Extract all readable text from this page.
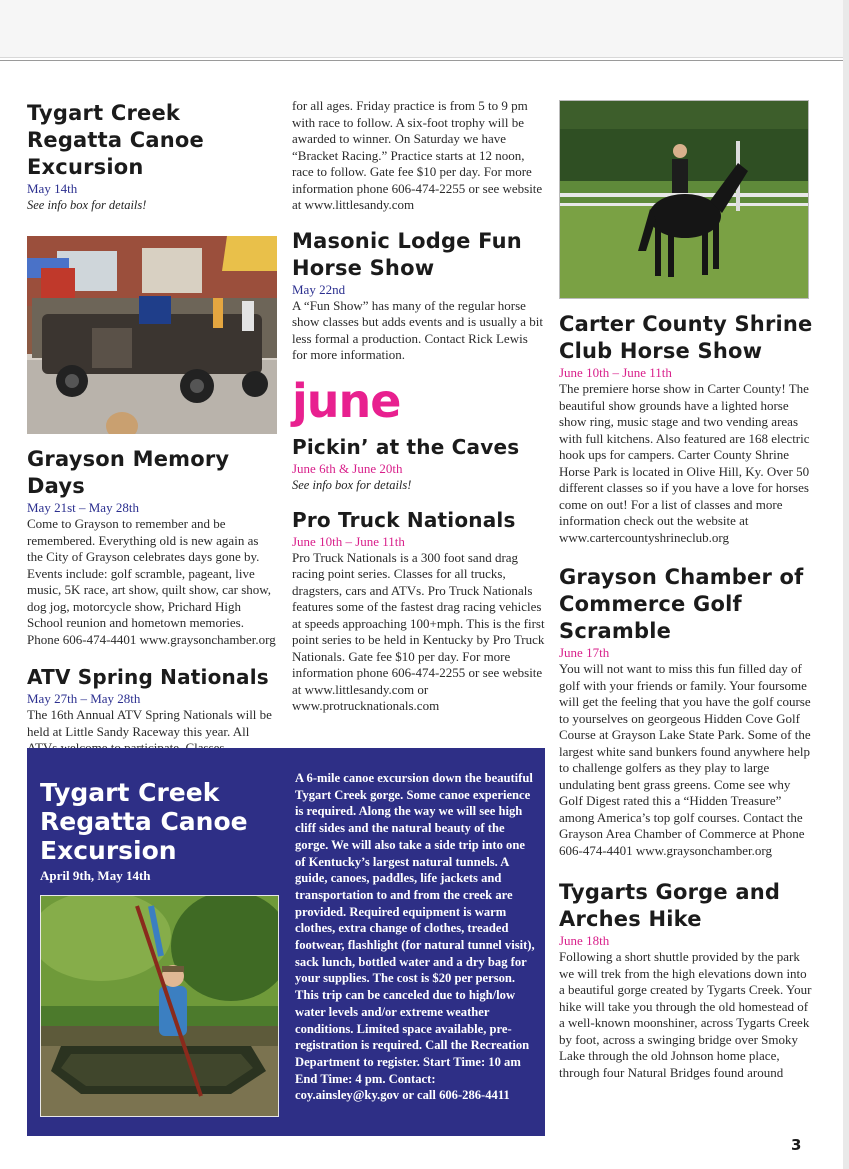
Tygart Creek Regatta Canoe Excursion
May 14th
See info box for details!
Grayson Memory Days
May 21st – May 28th
Come to Grayson to remember and be remembered. Everything old is new again as the City of Grayson celebrates days gone by. Events include: golf scramble, pageant, live music, 5K race, art show, quilt show, car show, dog jog, motorcycle show, Prichard High School reunion and hometown memories. Phone 606-474-4401 www.graysonchamber.org
ATV Spring Nationals
May 27th – May 28th
The 16th Annual ATV Spring Nationals will be held at Little Sandy Raceway this year. All
for all ages. Friday practice is from 5 to 9 pm with race to follow. A six-foot trophy will be awarded to winner. On Saturday we have “Bracket Racing.” Practice starts at 12 noon, race to follow. Gate fee $10 per day. For more information phone 606-474-2255 or see website at www.littlesandy.com
Masonic Lodge Fun Horse Show
May 22nd
A “Fun Show” has many of the regular horse show classes but adds events and is usually a bit less formal a production. Contact Rick Lewis for more information.
june
Pickin’ at the Caves
June 6th & June 20th
See info box for details!
Pro Truck Nationals
June 10th – June 11th
Pro Truck Nationals is a 300 foot sand drag racing point series. Classes for all trucks, dragsters, cars and ATVs. Pro Truck Nationals features some of the fastest drag racing vehicles at speeds approaching 100+mph. This is the first point series to be held in Kentucky by Pro Truck Nationals. Gate fee $10 per day. For more information phone 606-474-2255 or see website at www.littlesandy.com or www.protrucknationals.com
Carter County Shrine Club Horse Show
June 10th – June 11th
The premiere horse show in Carter County! The beautiful show grounds have a lighted horse show ring, music stage and two vending areas with full kitchens. Also featured are 168 electric hook ups for campers. Carter County Shrine Horse Park is located in Olive Hill, Ky. Over 50 different classes so if you have a love for horses come on out! For a list of classes and more information check out the website at www.cartercountyshrineclub.org
Grayson Chamber of Commerce Golf Scramble
June 17th
You will not want to miss this fun filled day of golf with your friends or family. Your foursome will get the feeling that you have the golf course to yourselves on georgeous Hidden Cove Golf Course at Grayson Lake State Park. Some of the largest white sand bunkers found anywhere help to challenge golfers as they play to large undulating bent grass greens. Come see why Golf Digest rated this a “Hidden Treasure” among America’s top golf courses. Contact the Grayson Area Chamber of Commerce at Phone 606-474-4401 www.graysonchamber.org
Tygarts Gorge and Arches Hike
June 18th
Following a short shuttle provided by the park we will trek from the high elevations down into a beautiful gorge created by Tygarts Creek. Your hike will take you through the old homestead of a well-known moonshiner, across Tygarts Creek by foot, across a swinging bridge over Smoky Lake through the old Johnson home place, through four Natural Bridges found around
Tygart Creek Regatta Canoe Excursion
April 9th, May 14th
A 6-mile canoe excursion down the beautiful Tygart Creek gorge. Some canoe experience is required. Along the way we will see high cliff sides and the natural beauty of the gorge. We will also take a side trip into one of Kentucky’s largest natural tunnels. A guide, canoes, paddles, life jackets and transportation to and from the creek are provided. Required equipment is warm clothes, extra change of clothes, treaded footwear, flashlight (for natural tunnel visit), sack lunch, bottled water and a dry bag for your supplies. The cost is $20 per person. This trip can be canceled due to high/low water levels and/or extreme weather conditions. Limited space available, pre-registration is required. Call the Recreation Department to register. Start Time: 10 am End Time: 4 pm. Contact: coy.ainsley@ky.gov or call 606-286-4411
3
